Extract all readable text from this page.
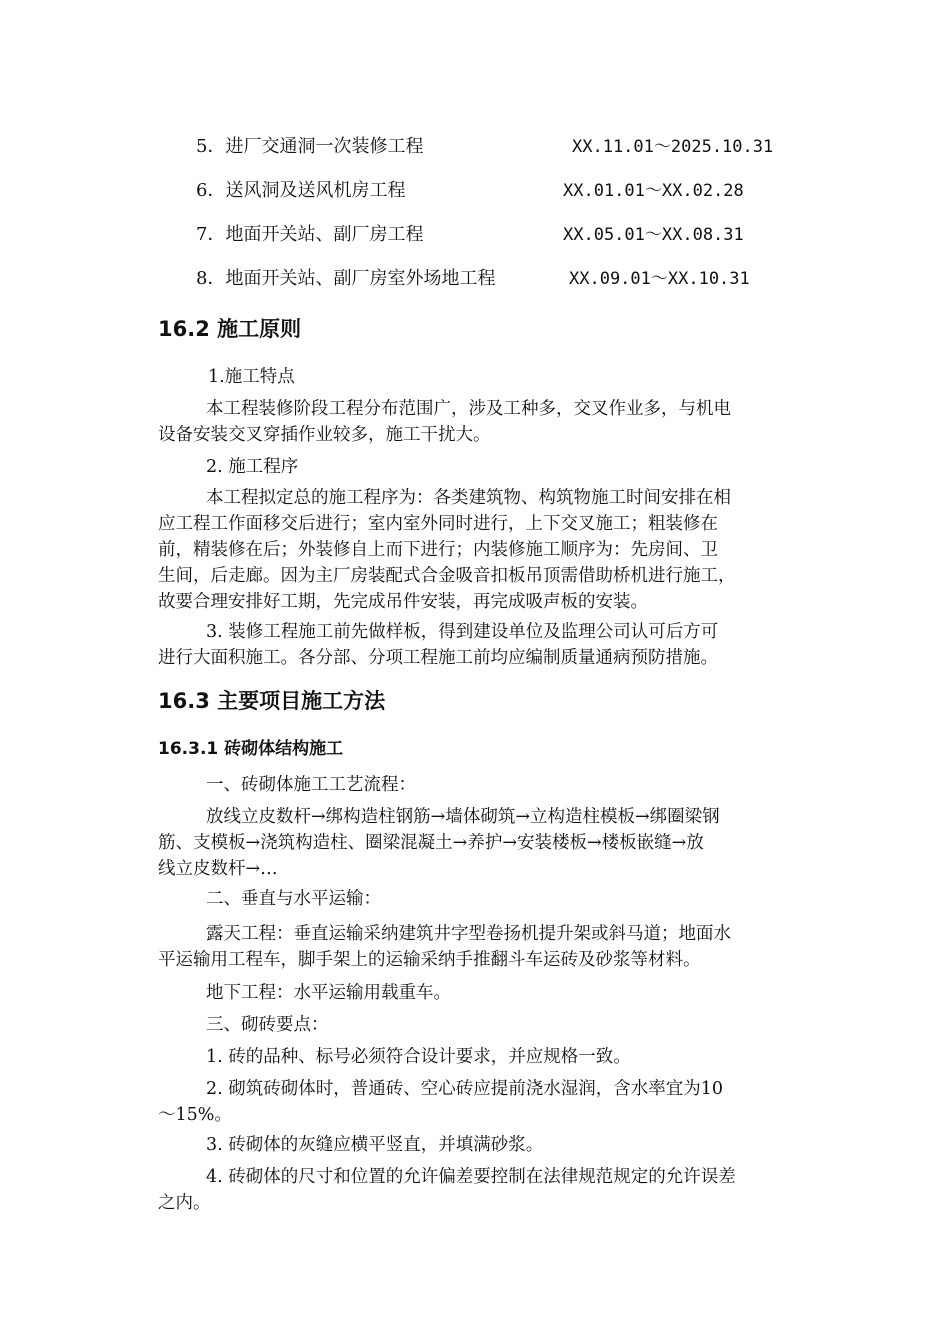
5．进厂交通洞一次装修工程	XX.11.01～2025.10.31
6．送风洞及送风机房工程	XX.01.01～XX.02.28
7．地面开关站、副厂房工程	XX.05.01～XX.08.31
8．地面开关站、副厂房室外场地工程	XX.09.01～XX.10.31
16.2 施工原则
1.施工特点
本工程装修阶段工程分布范围广，涉及工种多，交叉作业多，与机电
设备安装交叉穿插作业较多，施工干扰大。
2. 施工程序
本工程拟定总的施工程序为：各类建筑物、构筑物施工时间安排在相
应工程工作面移交后进行；室内室外同时进行，上下交叉施工；粗装修在
前，精装修在后；外装修自上而下进行；内装修施工顺序为：先房间、卫
生间，后走廊。因为主厂房装配式合金吸音扣板吊顶需借助桥机进行施工，
故要合理安排好工期，先完成吊件安装，再完成吸声板的安装。
3. 装修工程施工前先做样板，得到建设单位及监理公司认可后方可
进行大面积施工。各分部、分项工程施工前均应编制质量通病预防措施。
16.3 主要项目施工方法
16.3.1 砖砌体结构施工
一、砖砌体施工工艺流程：
放线立皮数杆→绑构造柱钢筋→墙体砌筑→立构造柱模板→绑圈梁钢
筋、支模板→浇筑构造柱、圈梁混凝土→养护→安装楼板→楼板嵌缝→放
线立皮数杆→…
二、垂直与水平运输：
露天工程：垂直运输采纳建筑井字型卷扬机提升架或斜马道；地面水
平运输用工程车，脚手架上的运输采纳手推翻斗车运砖及砂浆等材料。
地下工程：水平运输用载重车。
三、砌砖要点：
1. 砖的品种、标号必须符合设计要求，并应规格一致。
2. 砌筑砖砌体时，普通砖、空心砖应提前浇水湿润，含水率宜为10
～15%。
3. 砖砌体的灰缝应横平竖直，并填满砂浆。
4. 砖砌体的尺寸和位置的允许偏差要控制在法律规范规定的允许误差
之内。
